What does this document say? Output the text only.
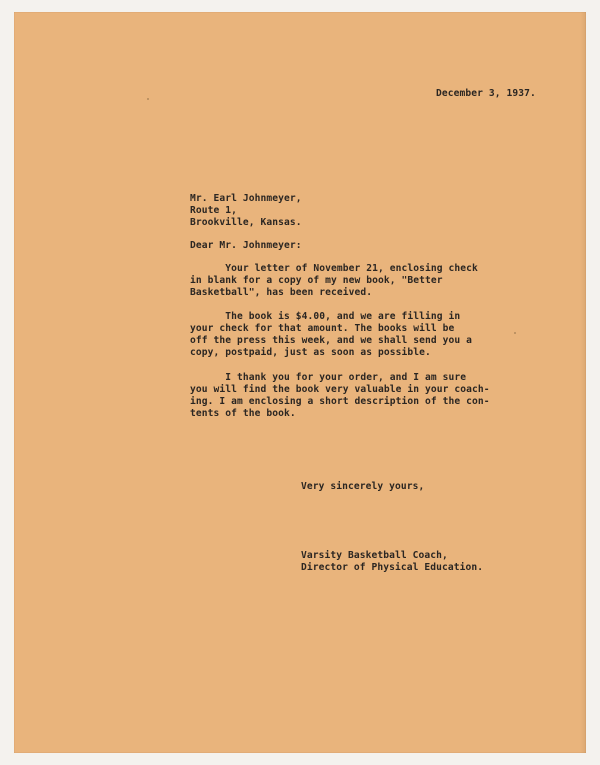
December 3, 1937.
Mr. Earl Johnmeyer,
Route 1,
Brookville, Kansas.
Dear Mr. Johnmeyer:
Your letter of November 21, enclosing check
in blank for a copy of my new book, "Better
Basketball", has been received.
The book is $4.00, and we are filling in
your check for that amount. The books will be
off the press this week, and we shall send you a
copy, postpaid, just as soon as possible.
I thank you for your order, and I am sure
you will find the book very valuable in your coach-
ing. I am enclosing a short description of the con-
tents of the book.
Very sincerely yours,
Varsity Basketball Coach,
Director of Physical Education.
